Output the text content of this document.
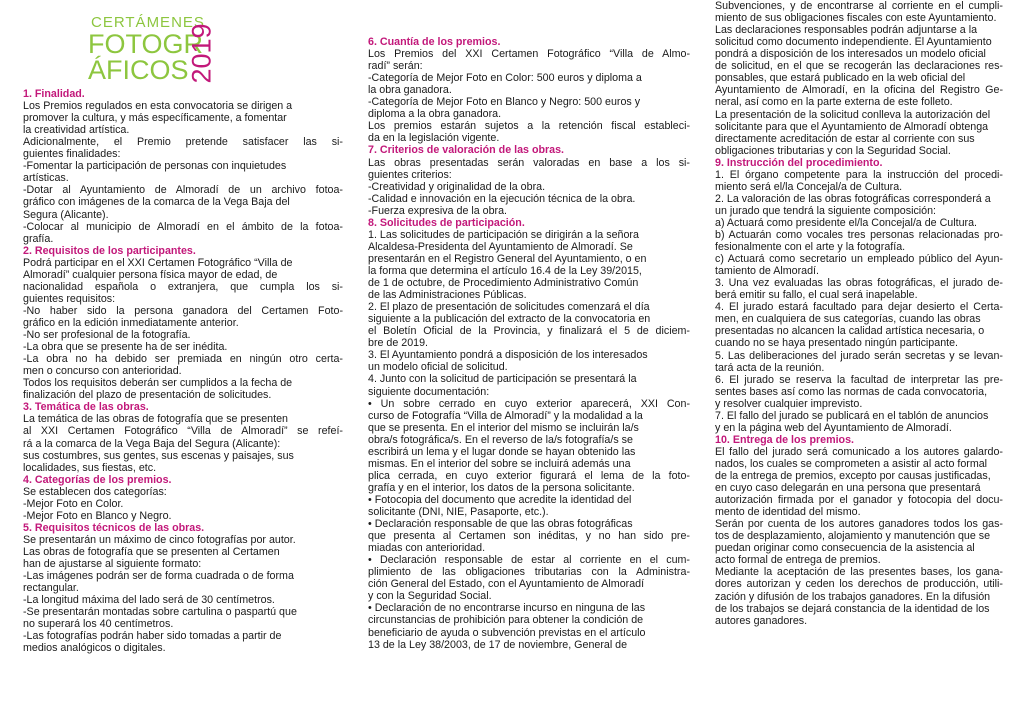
CERTÁMENES
FOTOGR
ÁFICOS
2019
1. Finalidad.
Los Premios regulados en esta convocatoria se dirigen a
promover la cultura, y más específicamente, a fomentar
la creatividad artística.
Adicionalmente, el Premio pretende satisfacer las si-
guientes finalidades:
-Fomentar la participación de personas con inquietudes
artísticas.
-Dotar al Ayuntamiento de Almoradí de un archivo fotoa-
gráfico con imágenes de la comarca de la Vega Baja del
Segura (Alicante).
-Colocar al municipio de Almoradí en el ámbito de la fotoa-
grafía.
2. Requisitos de los participantes.
Podrá participar en el XXI Certamen Fotográfico “Villa de
Almoradí” cualquier persona física mayor de edad, de
nacionalidad española o extranjera, que cumpla los si-
guientes requisitos:
-No haber sido la persona ganadora del Certamen Foto-
gráfico en la edición inmediatamente anterior.
-No ser profesional de la fotografía.
-La obra que se presente ha de ser inédita.
-La obra no ha debido ser premiada en ningún otro certa-
men o concurso con anterioridad.
Todos los requisitos deberán ser cumplidos a la fecha de
finalización del plazo de presentación de solicitudes.
3. Temática de las obras.
La temática de las obras de fotografía que se presenten
al XXI Certamen Fotográfico “Villa de Almoradí” se refeí-
rá a la comarca de la Vega Baja del Segura (Alicante):
sus costumbres, sus gentes, sus escenas y paisajes, sus
localidades, sus fiestas, etc.
4. Categorías de los premios.
Se establecen dos categorías:
-Mejor Foto en Color.
-Mejor Foto en Blanco y Negro.
5. Requisitos técnicos de las obras.
Se presentarán un máximo de cinco fotografías por autor.
Las obras de fotografía que se presenten al Certamen
han de ajustarse al siguiente formato:
-Las imágenes podrán ser de forma cuadrada o de forma
rectangular.
-La longitud máxima del lado será de 30 centímetros.
-Se presentarán montadas sobre cartulina o paspartú que
no superará los 40 centímetros.
-Las fotografías podrán haber sido tomadas a partir de
medios analógicos o digitales.
6. Cuantía de los premios.
Los Premios del XXI Certamen Fotográfico “Villa de Almo-
radí” serán:
-Categoría de Mejor Foto en Color: 500 euros y diploma a
la obra ganadora.
-Categoría de Mejor Foto en Blanco y Negro: 500 euros y
diploma a la obra ganadora.
Los premios estarán sujetos a la retención fiscal estableci-
da en la legislación vigente.
7. Criterios de valoración de las obras.
Las obras presentadas serán valoradas en base a los si-
guientes criterios:
-Creatividad y originalidad de la obra.
-Calidad e innovación en la ejecución técnica de la obra.
-Fuerza expresiva de la obra.
8. Solicitudes de participación.
1. Las solicitudes de participación se dirigirán a la señora
Alcaldesa-Presidenta del Ayuntamiento de Almoradí. Se
presentarán en el Registro General del Ayuntamiento, o en
la forma que determina el artículo 16.4 de la Ley 39/2015,
de 1 de octubre, de Procedimiento Administrativo Común
de las Administraciones Públicas.
2. El plazo de presentación de solicitudes comenzará el día
siguiente a la publicación del extracto de la convocatoria en
el Boletín Oficial de la Provincia, y finalizará el 5 de diciem-
bre de 2019.
3. El Ayuntamiento pondrá a disposición de los interesados
un modelo oficial de solicitud.
4. Junto con la solicitud de participación se presentará la
siguiente documentación:
• Un sobre cerrado en cuyo exterior aparecerá, XXI Con-
curso de Fotografía “Villa de Almoradí” y la modalidad a la
que se presenta. En el interior del mismo se incluirán la/s
obra/s fotográfica/s. En el reverso de la/s fotografía/s se
escribirá un lema y el lugar donde se hayan obtenido las
mismas. En el interior del sobre se incluirá además una
plica cerrada, en cuyo exterior figurará el lema de la foto-
grafía y en el interior, los datos de la persona solicitante.
• Fotocopia del documento que acredite la identidad del
solicitante (DNI, NIE, Pasaporte, etc.).
• Declaración responsable de que las obras fotográficas
que presenta al Certamen son inéditas, y no han sido pre-
miadas con anterioridad.
• Declaración responsable de estar al corriente en el cum-
plimiento de las obligaciones tributarias con la Administra-
ción General del Estado, con el Ayuntamiento de Almoradí
y con la Seguridad Social.
• Declaración de no encontrarse incurso en ninguna de las
circunstancias de prohibición para obtener la condición de
beneficiario de ayuda o subvención previstas en el artículo
13 de la Ley 38/2003, de 17 de noviembre, General de
Subvenciones, y de encontrarse al corriente en el cumpli-
miento de sus obligaciones fiscales con este Ayuntamiento.
Las declaraciones responsables podrán adjuntarse a la
solicitud como documento independiente. El Ayuntamiento
pondrá a disposición de los interesados un modelo oficial
de solicitud, en el que se recogerán las declaraciones res-
ponsables, que estará publicado en la web oficial del
Ayuntamiento de Almoradí, en la oficina del Registro Ge-
neral, así como en la parte externa de este folleto.
La presentación de la solicitud conlleva la autorización del
solicitante para que el Ayuntamiento de Almoradí obtenga
directamente acreditación de estar al corriente con sus
obligaciones tributarias y con la Seguridad Social.
9. Instrucción del procedimiento.
1. El órgano competente para la instrucción del procedi-
miento será el/la Concejal/a de Cultura.
2. La valoración de las obras fotográficas corresponderá a
un jurado que tendrá la siguiente composición:
a) Actuará como presidente el/la Concejal/a de Cultura.
b) Actuarán como vocales tres personas relacionadas pro-
fesionalmente con el arte y la fotografía.
c) Actuará como secretario un empleado público del Ayun-
tamiento de Almoradí.
3. Una vez evaluadas las obras fotográficas, el jurado de-
berá emitir su fallo, el cual será inapelable.
4. El jurado estará facultado para dejar desierto el Certa-
men, en cualquiera de sus categorías, cuando las obras
presentadas no alcancen la calidad artística necesaria, o
cuando no se haya presentado ningún participante.
5. Las deliberaciones del jurado serán secretas y se levan-
tará acta de la reunión.
6. El jurado se reserva la facultad de interpretar las pre-
sentes bases así como las normas de cada convocatoria,
y resolver cualquier imprevisto.
7. El fallo del jurado se publicará en el tablón de anuncios
y en la página web del Ayuntamiento de Almoradí.
10. Entrega de los premios.
El fallo del jurado será comunicado a los autores galardo-
nados, los cuales se comprometen a asistir al acto formal
de la entrega de premios, excepto por causas justificadas,
en cuyo caso delegarán en una persona que presentará
autorización firmada por el ganador y fotocopia del docu-
mento de identidad del mismo.
Serán por cuenta de los autores ganadores todos los gas-
tos de desplazamiento, alojamiento y manutención que se
puedan originar como consecuencia de la asistencia al
acto formal de entrega de premios.
Mediante la aceptación de las presentes bases, los gana-
dores autorizan y ceden los derechos de producción, utili-
zación y difusión de los trabajos ganadores. En la difusión
de los trabajos se dejará constancia de la identidad de los
autores ganadores.
